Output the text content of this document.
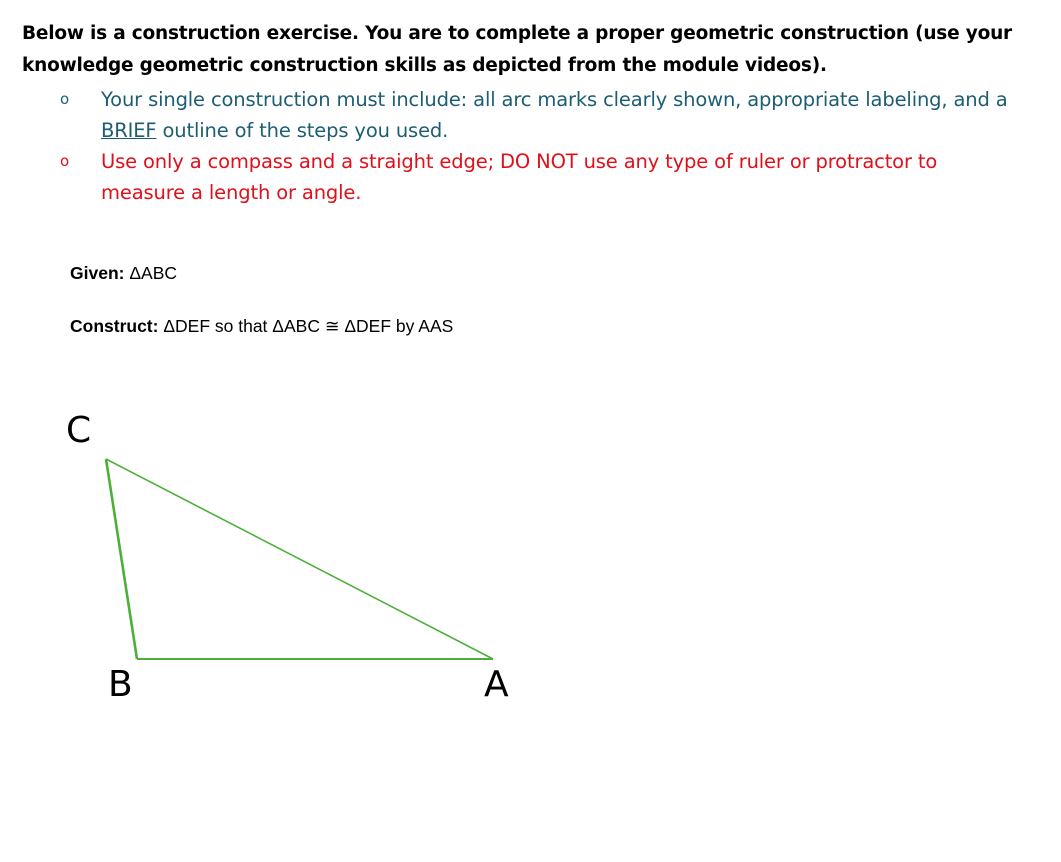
Below is a construction exercise. You are to complete a proper geometric construction (use your knowledge geometric construction skills as depicted from the module videos).

o Your single construction must include: all arc marks clearly shown, appropriate labeling, and a BRIEF outline of the steps you used.
o Use only a compass and a straight edge; DO NOT use any type of ruler or protractor to measure a length or angle.
Given: ΔABC
Construct: ΔDEF so that ΔABC ≅ ΔDEF by AAS
C
B	A
